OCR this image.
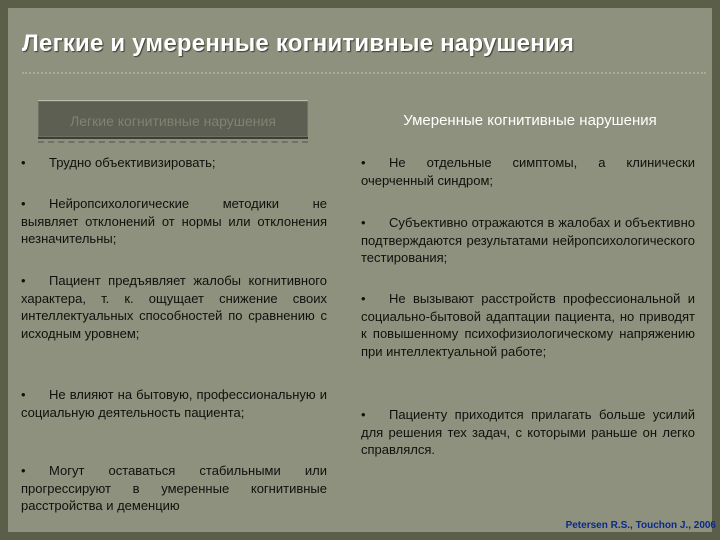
Легкие и умеренные когнитивные нарушения
Легкие когнитивные нарушения	Умеренные когнитивные нарушения
• Трудно объективизировать;
• Нейропсихологические методики не выявляет отклонений от нормы или отклонения незначительны;
• Пациент предъявляет жалобы когнитивного характера, т. к. ощущает снижение своих интеллектуальных способностей по сравнению с исходным уровнем;
• Не влияют на бытовую, профессиональную и социальную деятельность пациента;
• Могут оставаться стабильными или прогрессируют в умеренные когнитивные расстройства и деменцию
• Не отдельные симптомы, а клинически очерченный синдром;
• Субъективно отражаются в жалобах и объективно подтверждаются результатами нейропсихологического тестирования;
• Не вызывают расстройств профессиональной и социально-бытовой адаптации пациента, но приводят к повышенному психофизиологическому напряжению при интеллектуальной работе;
• Пациенту приходится прилагать больше усилий для решения тех задач, с которыми раньше он легко справлялся.
Petersen R.S., Touchon J., 2006
